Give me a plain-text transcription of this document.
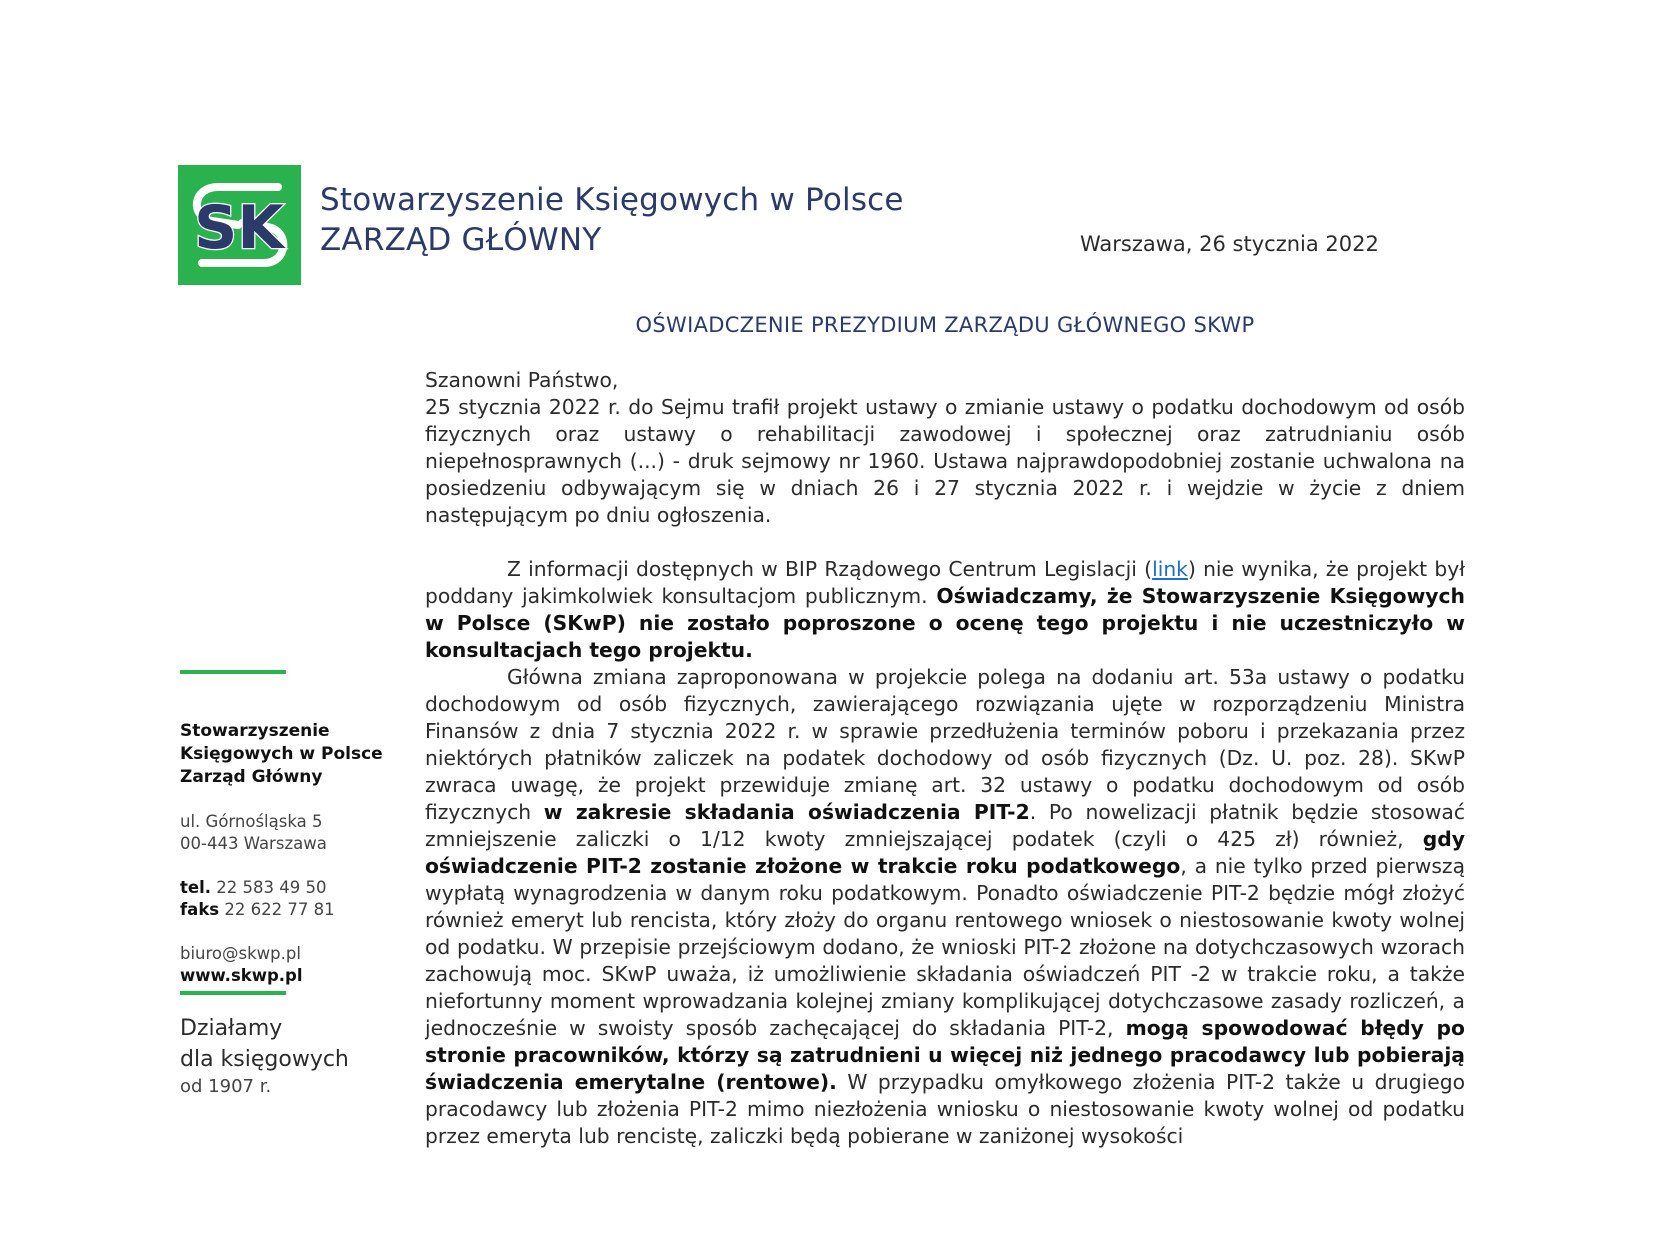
SK Stowarzyszenie Księgowych w Polsce
ZARZĄD GŁÓWNY	Warszawa, 26 stycznia 2022
OŚWIADCZENIE PREZYDIUM ZARZĄDU GŁÓWNEGO SKWP

Szanowni Państwo,

25 stycznia 2022 r. do Sejmu trafił projekt ustawy o zmianie ustawy o podatku dochodowym od osób fizycznych oraz ustawy o rehabilitacji zawodowej i społecznej oraz zatrudnianiu osób niepełnosprawnych (...) - druk sejmowy nr 1960. Ustawa najprawdopodobniej zostanie uchwalona na posiedzeniu odbywającym się w dniach 26 i 27 stycznia 2022 r. i wejdzie w życie z dniem następującym po dniu ogłoszenia.

Z informacji dostępnych w BIP Rządowego Centrum Legislacji (link) nie wynika, że projekt był poddany jakimkolwiek konsultacjom publicznym. Oświadczamy, że Stowarzyszenie Księgowych w Polsce (SKwP) nie zostało poproszone o ocenę tego projektu i nie uczestniczyło w konsultacjach tego projektu.

Główna zmiana zaproponowana w projekcie polega na dodaniu art. 53a ustawy o podatku dochodowym od osób fizycznych, zawierającego rozwiązania ujęte w rozporządzeniu Ministra Finansów z dnia 7 stycznia 2022 r. w sprawie przedłużenia terminów poboru i przekazania przez niektórych płatników zaliczek na podatek dochodowy od osób fizycznych (Dz. U. poz. 28). SKwP zwraca uwagę, że projekt przewiduje zmianę art. 32 ustawy o podatku dochodowym od osób fizycznych w zakresie składania oświadczenia PIT-2. Po nowelizacji płatnik będzie stosować zmniejszenie zaliczki o 1/12 kwoty zmniejszającej podatek (czyli o 425 zł) również, gdy oświadczenie PIT-2 zostanie złożone w trakcie roku podatkowego, a nie tylko przed pierwszą wypłatą wynagrodzenia w danym roku podatkowym. Ponadto oświadczenie PIT-2 będzie mógł złożyć również emeryt lub rencista, który złoży do organu rentowego wniosek o niestosowanie kwoty wolnej od podatku. W przepisie przejściowym dodano, że wnioski PIT-2 złożone na dotychczasowych wzorach zachowują moc. SKwP uważa, iż umożliwienie składania oświadczeń PIT -2 w trakcie roku, a także niefortunny moment wprowadzania kolejnej zmiany komplikującej dotychczasowe zasady rozliczeń, a jednocześnie w swoisty sposób zachęcającej do składania PIT-2, mogą spowodować błędy po stronie pracowników, którzy są zatrudnieni u więcej niż jednego pracodawcy lub pobierają świadczenia emerytalne (rentowe). W przypadku omyłkowego złożenia PIT-2 także u drugiego pracodawcy lub złożenia PIT-2 mimo niezłożenia wniosku o niestosowanie kwoty wolnej od podatku przez emeryta lub rencistę, zaliczki będą pobierane w zaniżonej wysokości

Stowarzyszenie
Księgowych w Polsce
Zarząd Główny
ul. Górnośląska 5
00-443 Warszawa
tel. 22 583 49 50
faks 22 622 77 81
biuro@skwp.pl
www.skwp.pl
Działamy
dla księgowych
od 1907 r.
